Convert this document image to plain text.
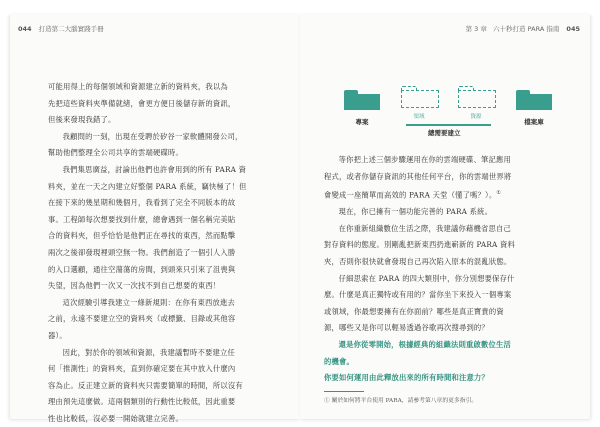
044 打造第二大腦實踐手冊

可能用得上的每個領域和資源建立新的資料夾，我以為
先把這些資料夾準備就緒，會更方便日後儲存新的資訊，
但後來發現我錯了。

我顧問的一刻，出現在受聘於矽谷一家軟體開發公司，
幫助他們整理全公司共享的雲端硬碟時。

我們集思廣益，討論出他們也許會用到的所有 PARA 資
料夾，並在一天之內建立好整個 PARA 系統，竊快極了！但
在接下來的幾星期和幾個月，我看到了完全不同版本的故
事。工程師每次想要找到什麼，總會遇到一個名稱完美貼
合的資料夾，但乎恰恰是他們正在尋找的東西，然而點擊
兩次之後卻發現裡頭空無一物。我們創造了一個引人入勝
的入口選顧，通往空蕩蕩的房間，到頭來只引來了沮喪與
失望，因為他們一次又一次找不到自己想要的東西！

這次經驗引導我建立一條新規則：在你有東西放進去
之前，永遠不要建立空的資料夾（或標籤、目錄或其他容
器）。

因此，對於你的領域和資源，我建議暫時不要建立任
何「推測性」的資料夾，直到你確定要在其中放入什麼內
容為止。反正建立新的資料夾只需要簡單的時間，所以沒有
理由預先這麼做。這兩個類別的行動性比較低，因此重要
性也比較低，沒必要一開始就建立完善。

第 3 章 六十秒打造 PARA 指南 045
專案
領域	資源
檔案庫
總需要建立

等你把上述三個步驟運用在你的雲端硬碟、筆記應用
程式，或者你儲存資訊的其他任何平台，你的雲端世界將
會變成一座簡單而高效的 PARA 天堂（懂了嗎？）。①

現在，你已擁有一個功能完善的 PARA 系統。

在你重新組織數位生活之際，我建議你藉機省思自己
對存資料的態度。別剛亂把新東西扔進嶄新的 PARA 資料
夾，否則你很快就會發現自己再次陷入原本的混亂狀態。

仔細思索在 PARA 的四大類別中，你分別想要保存什
麼。什麼是真正獨特或有用的？當你坐下來投入一個專案
或領域，你最想要擁有在你面前？哪些是真正寶貴的資
源，哪些又是你可以輕易透過谷歌再次搜尋到的？

還是你從零開始，根據經典的組織法則重啟數位生活
的機會。
你要如何運用由此釋放出來的所有時間和注意力？

① 關於如何將平台使用 PARA，請參考第八章的更多指引。
